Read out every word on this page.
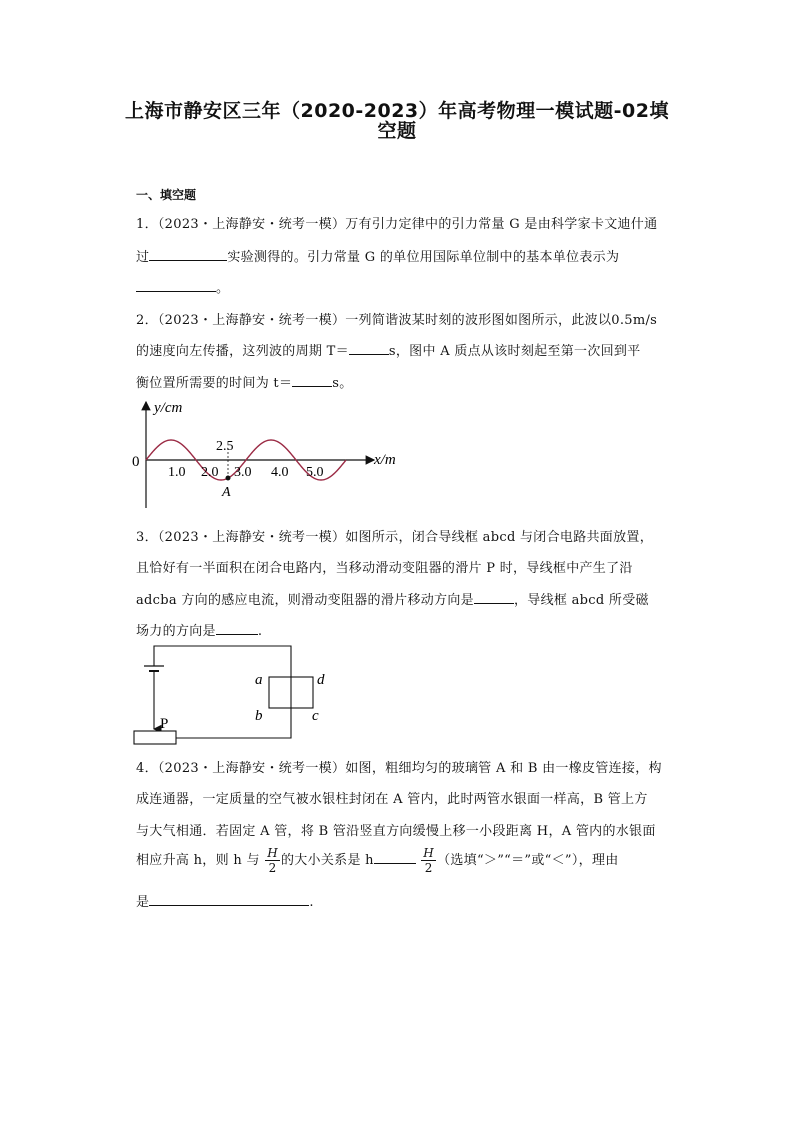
上海市静安区三年（2020-2023）年高考物理一模试题-02填
空题
一、填空题
1．（2023・上海静安・统考一模）万有引力定律中的引力常量 G 是由科学家卡文迪什通
过	实验测得的。引力常量 G 的单位用国际单位制中的基本单位表示为
。
2．（2023・上海静安・统考一模）一列简谐波某时刻的波形图如图所示，此波以0.5m/s
的速度向左传播，这列波的周期 T＝	s，图中 A 质点从该时刻起至第一次回到平
衡位置所需要的时间为 t＝	s。
y/cm
x/m
0
2.5
1.0 2.0 3.0 4.0 5.0
A
3．（2023・上海静安・统考一模）如图所示，闭合导线框 abcd 与闭合电路共面放置，
且恰好有一半面积在闭合电路内，当移动滑动变阻器的滑片 P 时，导线框中产生了沿
adcba 方向的感应电流，则滑动变阻器的滑片移动方向是	，导线框 abcd 所受磁
场力的方向是	.
P
a	d
b	c
4．（2023・上海静安・统考一模）如图，粗细均匀的玻璃管 A 和 B 由一橡皮管连接，构
成连通器，一定质量的空气被水银柱封闭在 A 管内，此时两管水银面一样高，B 管上方
与大气相通．若固定 A 管，将 B 管沿竖直方向缓慢上移一小段距离 H，A 管内的水银面
相应升高 h，则 h 与 $\frac{H}{2}$ 的大小关系是 h	$\frac{H}{2}$ （选填“＞”“＝”或“＜”），理由
是	.
